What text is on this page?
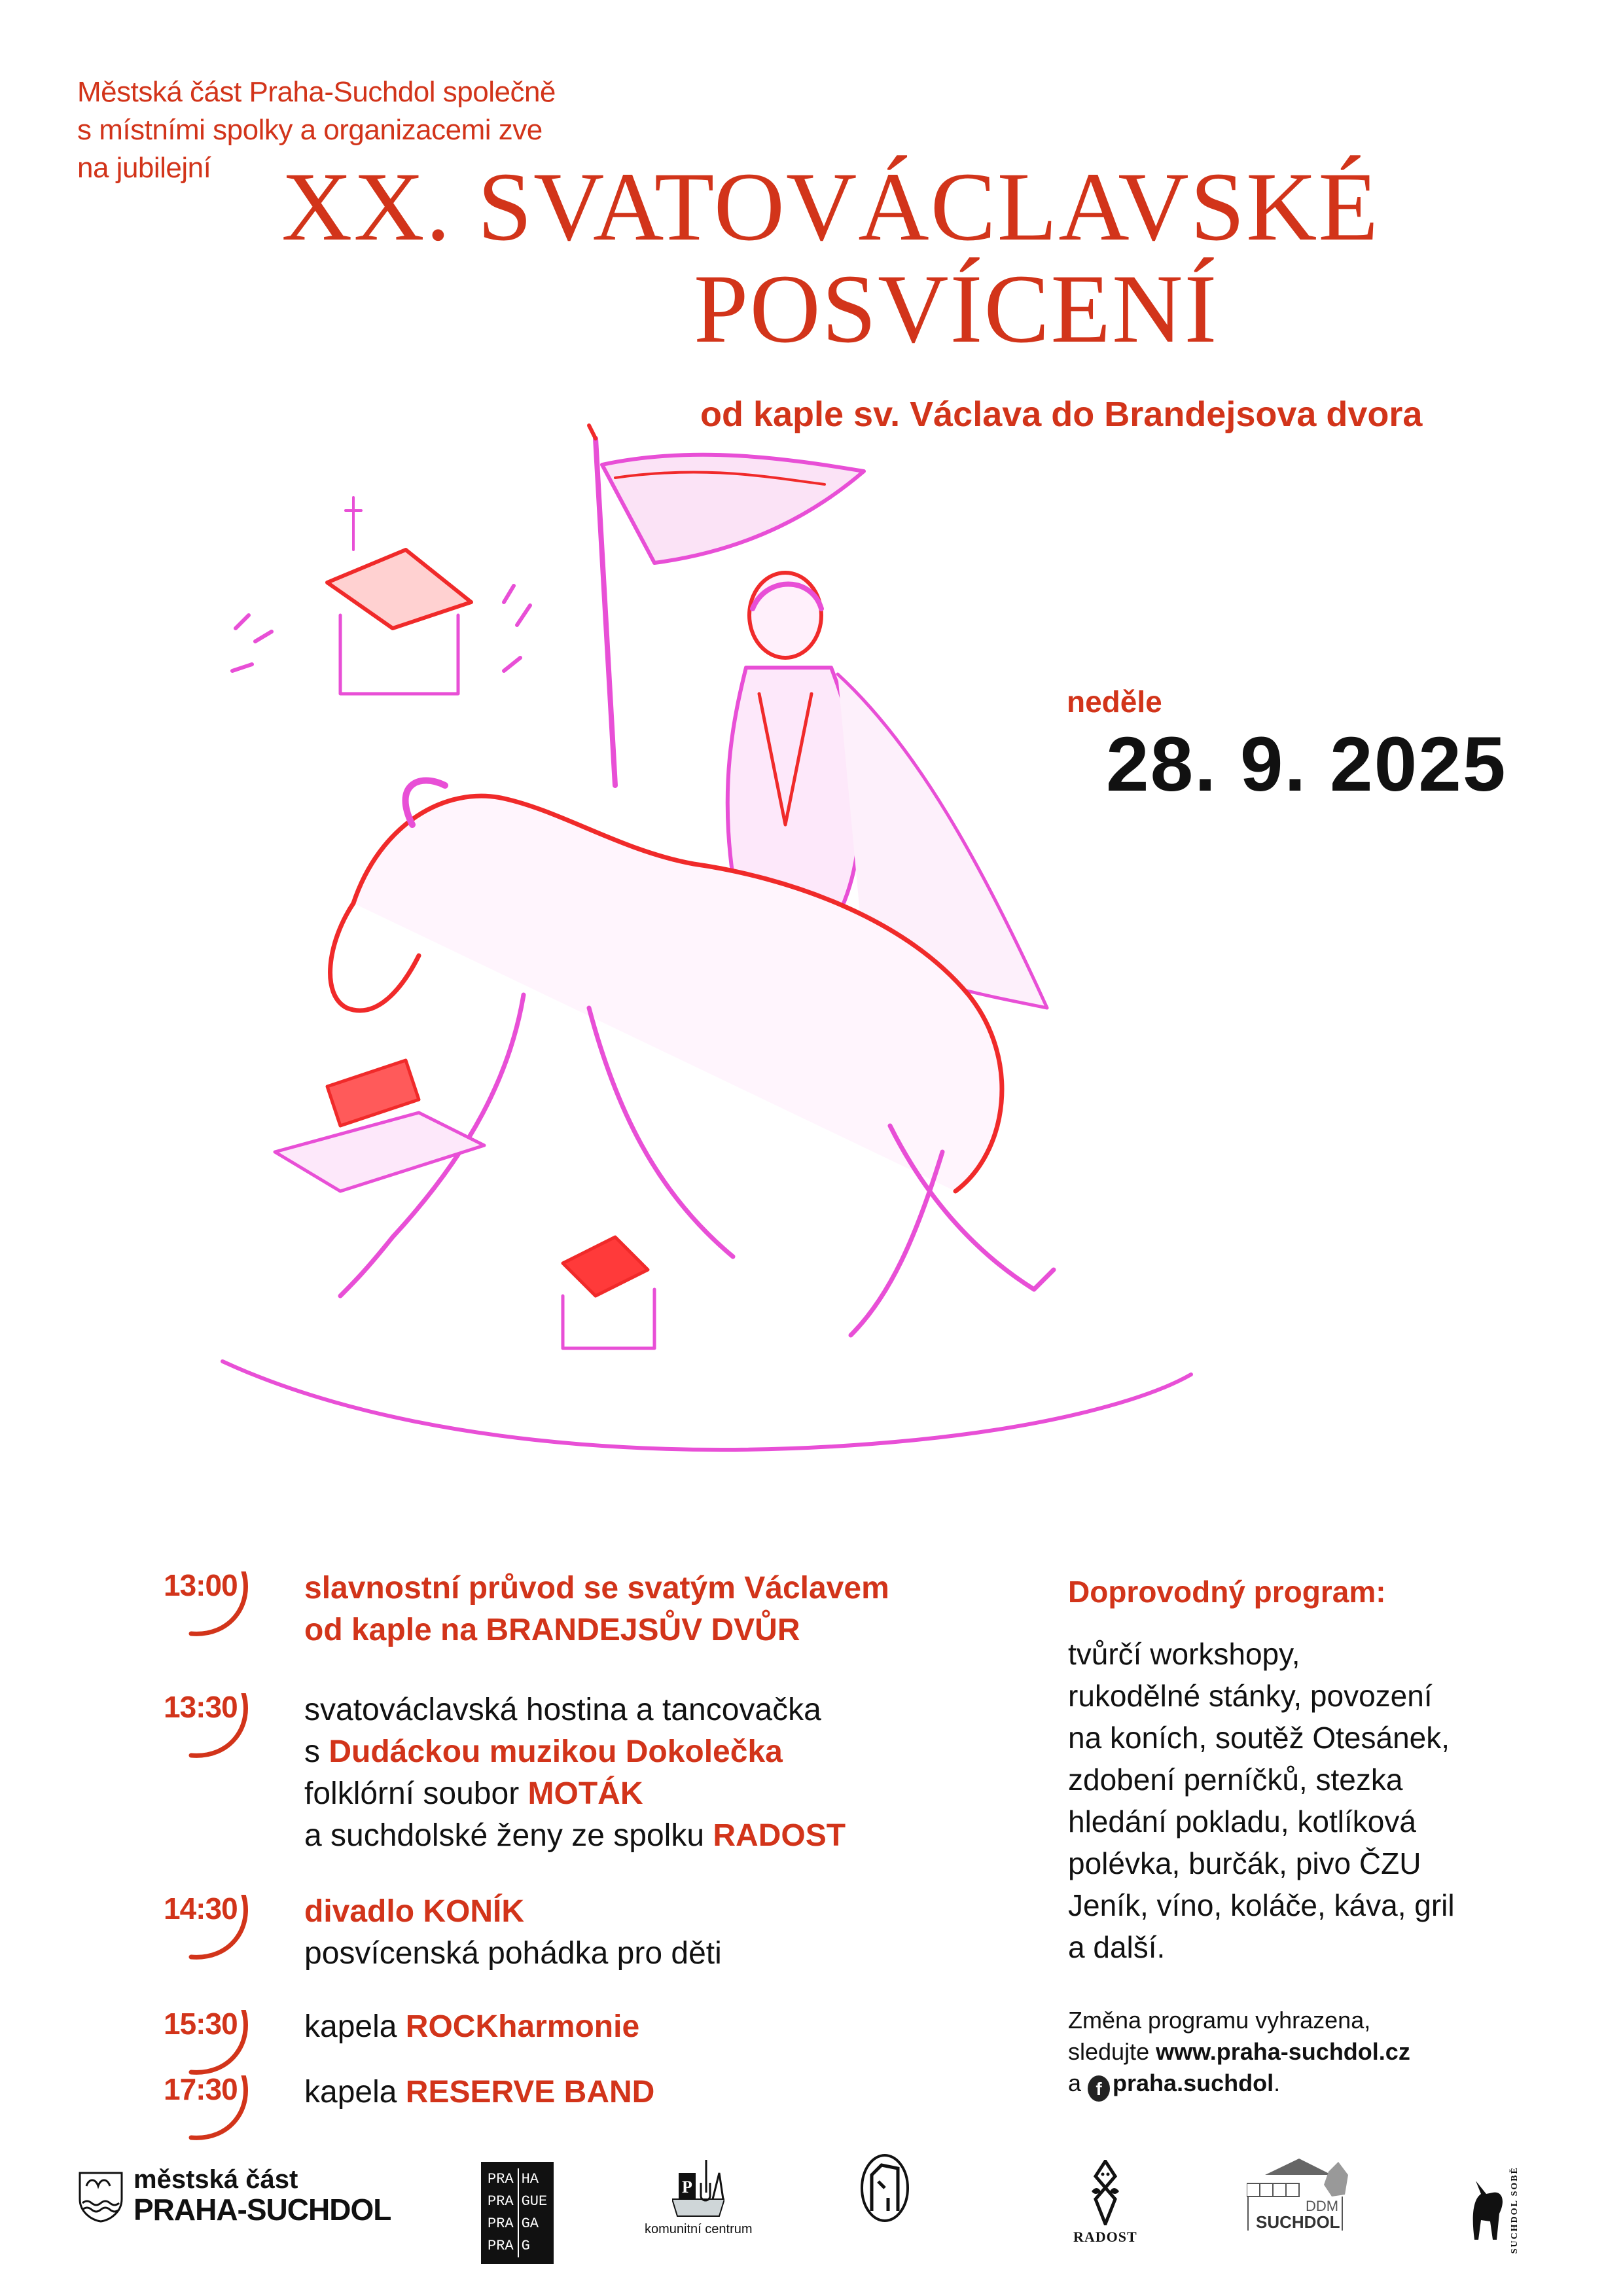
Městská část Praha-Suchdol společně
s místními spolky a organizacemi zve
na jubilejní XX. SVATOVÁCLAVSKÉ
POSVÍCENÍ
od kaple sv. Václava do Brandejsova dvora
neděle
28. 9. 2025
13:00 slavnostní průvod se svatým Václavem
od kaple na BRANDEJSŮV DVŮR
13:30 svatováclavská hostina a tancovačka
s Dudáckou muzikou Dokolečka
folklórní soubor MOTÁK
a suchdolské ženy ze spolku RADOST
14:30 divadlo KONÍK
posvícenská pohádka pro děti
15:30 kapela ROCKharmonie
17:30 kapela RESERVE BAND
Doprovodný program:
tvůrčí workshopy,
rukodělné stánky, povození
na koních, soutěž Otesánek,
zdobení perníčků, stezka
hledání pokladu, kotlíková
polévka, burčák, pivo ČZU
Jeník, víno, koláče, káva, gril
a další.
Změna programu vyhrazena,
sledujte www.praha-suchdol.cz
a f praha.suchdol.
městská část
PRAHA-SUCHDOL
PRA
PRA
PRA
PRA
HA
GUE
GA
G
P
komunitní centrum	RADOST
DDM
SUCHDOL	SUCHDOL SOBĚ
